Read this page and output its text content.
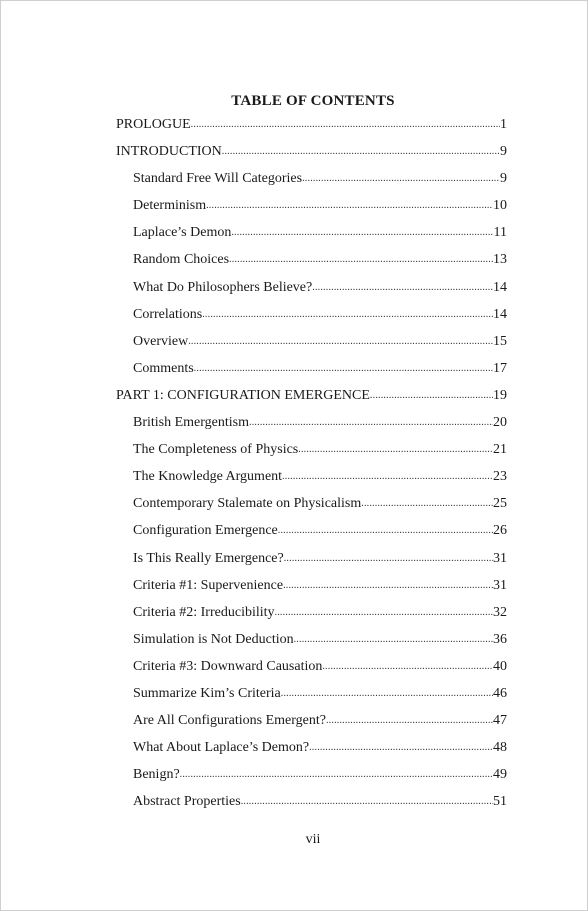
TABLE OF CONTENTS
PROLOGUE .....	1
INTRODUCTION .....	9
Standard Free Will Categories .....	9
Determinism .....	10
Laplace’s Demon .....	11
Random Choices .....	13
What Do Philosophers Believe? .....	14
Correlations .....	14
Overview .....	15
Comments .....	17
PART 1: CONFIGURATION EMERGENCE .....	19
British Emergentism .....	20
The Completeness of Physics .....	21
The Knowledge Argument .....	23
Contemporary Stalemate on Physicalism .....	25
Configuration Emergence .....	26
Is This Really Emergence? .....	31
Criteria #1: Supervenience .....	31
Criteria #2: Irreducibility .....	32
Simulation is Not Deduction .....	36
Criteria #3: Downward Causation .....	40
Summarize Kim’s Criteria .....	46
Are All Configurations Emergent? .....	47
What About Laplace’s Demon? .....	48
Benign? .....	49
Abstract Properties .....	51
vii
